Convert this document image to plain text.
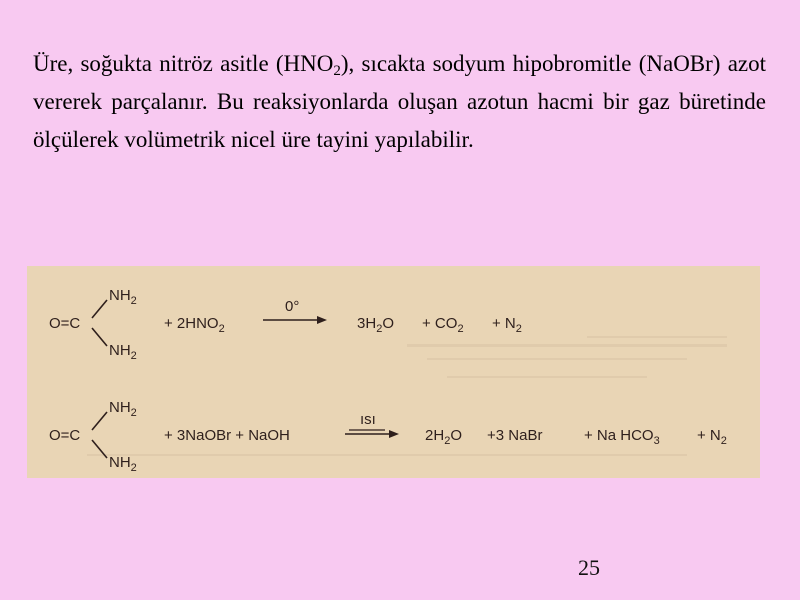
Üre, soğukta nitröz asitle $(HNO_2)$, sıcakta sodyum hipobromitle (NaOBr) azot vererek parçalanır. Bu reaksiyonlarda oluşan azotun hacmi bir gaz büretinde ölçülerek volümetrik nicel üre tayini yapılabilir.
O=C
$NH_2$
$NH_2$
+ $2HNO_2$
0°
$3H_2O + CO_2 + N_2$
O=C
$NH_2$
$NH_2$
+ 3NaOBr + NaOH
ısı
$2H_2O +3$ NaBr	+ Na $HCO_3 + N_2$
25
